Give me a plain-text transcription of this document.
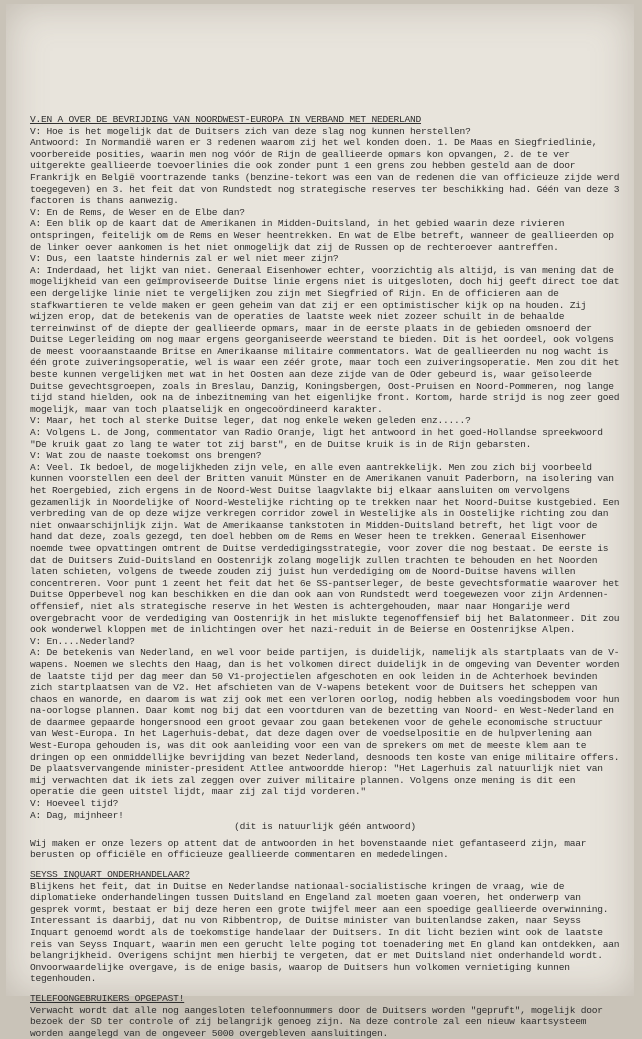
V.EN A OVER DE BEVRIJDING VAN NOORDWEST-EUROPA IN VERBAND MET NEDERLAND

V: Hoe is het mogelijk dat de Duitsers zich van deze slag nog kunnen herstellen?

Antwoord: In Normandië waren er 3 redenen waarom zij het wel konden doen. 1. De Maas en Siegfriedlinie, voorbereide posities, waarin men nog vóór de Rijn de geallieerde opmars kon opvangen, 2. de te ver uitgerekte geallieerde toevoerlinies die ook zonder punt 1 een grens zou hebben gesteld aan de door Frankrijk en België voortrazende tanks (benzine-tekort was een van de redenen die van officieuze zijde werd toegegeven) en 3. het feit dat von Rundstedt nog strategische reserves ter beschikking had. Géén van deze 3 factoren is thans aanwezig.

V: En de Rems, de Weser en de Elbe dan?

A: Een blik op de kaart dat de Amerikanen in Midden-Duitsland, in het gebied waarin deze rivieren ontspringen, feitelijk om de Rems en Weser heentrekken. En wat de Elbe betreft, wanneer de geallieerden op de linker oever aankomen is het niet onmogelijk dat zij de Russen op de rechteroever aantreffen.

V: Dus, een laatste hindernis zal er wel niet meer zijn?

A: Inderdaad, het lijkt van niet. Generaal Eisenhower echter, voorzichtig als altijd, is van mening dat de mogelijkheid van een geïmproviseerde Duitse linie ergens niet is uitgesloten, doch hij geeft direct toe dat een dergelijke linie niet te vergelijken zou zijn met Siegfried of Rijn. En de officieren aan de stafkwartieren te velde maken er geen geheim van dat zij er een optimistischer kijk op na houden. Zij wijzen erop, dat de betekenis van de operaties de laatste week niet zozeer schuilt in de behaalde terreinwinst of de diepte der geallieerde opmars, maar in de eerste plaats in de gebieden omsnoerd der Duitse Legerleiding om nog maar ergens georganiseerde weerstand te bieden. Dit is het oordeel, ook volgens de meest vooraanstaande Britse en Amerikaanse militaire commentators. Wat de geallieerden nu nog wacht is één grote zuiveringsoperatie, wel is waar een zéér grote, maar toch een zuiveringsoperatie. Men zou dit het beste kunnen vergelijken met wat in het Oosten aan deze zijde van de Oder gebeurd is, waar geïsoleerde Duitse gevechtsgroepen, zoals in Breslau, Danzig, Koningsbergen, Oost-Pruisen en Noord-Pommeren, nog lange tijd stand hielden, ook na de inbezitneming van het eigenlijke front. Kortom, harde strijd is nog zeer goed mogelijk, maar van toch plaatselijk en ongecoördineerd karakter.

V: Maar, het toch al sterke Duitse leger, dat nog enkele weken geleden enz.....?

A: Volgens L. de Jong, commentator van Radio Oranje, ligt het antwoord in het goed-Hollandse spreekwoord "De kruik gaat zo lang te water tot zij barst", en de Duitse kruik is in de Rijn gebarsten.

V: Wat zou de naaste toekomst ons brengen?

A: Veel. Ik bedoel, de mogelijkheden zijn vele, en alle even aantrekkelijk. Men zou zich bij voorbeeld kunnen voorstellen een deel der Britten vanuit Münster en de Amerikanen vanuit Paderborn, na isolering van het Roergebied, zich ergens in de Noord-West Duitse laagvlakte bij elkaar aansluiten om vervolgens gezamenlijk in Noordelijke of Noord-Westelijke richting op te trekken naar het Noord-Duitse kustgebied. Een verbreding van de op deze wijze verkregen corridor zowel in Westelijke als in Oostelijke richting zou dan niet onwaarschijnlijk zijn. Wat de Amerikaanse tankstoten in Midden-Duitsland betreft, het ligt voor de hand dat deze, zoals gezegd, ten doel hebben om de Rems en Weser heen te trekken. Generaal Eisenhower noemde twee opvattingen omtrent de Duitse verdedigingsstrategie, voor zover die nog bestaat. De eerste is dat de Duitsers Zuid-Duitsland en Oostenrijk zolang mogelijk zullen trachten te behouden en het Noorden laten schieten, volgens de tweede zouden zij juist hun verdediging om de Noord-Duitse havens willen concentreren. Voor punt 1 zeent het feit dat het 6e SS-pantserleger, de beste gevechtsformatie waarover het Duitse Opperbevel nog kan beschikken en die dan ook aan von Rundstedt werd toegewezen voor zijn Ardennen-offensief, niet als strategische reserve in het Westen is achtergehouden, maar naar Hongarije werd overgebracht voor de verdediging van Oostenrijk in het mislukte tegenoffensief bij het Balatonmeer. Dit zou ook wonderwel kloppen met de inlichtingen over het nazi-reduit in de Beierse en Oostenrijkse Alpen.

V: En....Nederland?

A: De betekenis van Nederland, en wel voor beide partijen, is duidelijk, namelijk als startplaats van de V-wapens. Noemen we slechts den Haag, dan is het volkomen direct duidelijk in de omgeving van Deventer worden de laatste tijd per dag meer dan 50 V1-projectielen afgeschoten en ook leiden in de Achterhoek bevinden zich startplaatsen van de V2. Het afschieten van de V-wapens betekent voor de Duitsers het scheppen van chaos en wanorde, en daarom is wat zij ook met een verloren oorlog, nodig hebben als voedingsbodem voor hun na-oorlogse plannen. Daar komt nog bij dat een voortduren van de bezetting van Noord- en West-Nederland en de daarmee gepaarde hongersnood een groot gevaar zou gaan betekenen voor de gehele economische structuur van West-Europa. In het Lagerhuis-debat, dat deze dagen over de voedselpositie en de hulpverlening aan West-Europa gehouden is, was dit ook aanleiding voor een van de sprekers om met de meeste klem aan te dringen op een onmiddellijke bevrijding van bezet Nederland, desnoods ten koste van enige militaire offers. De plaatsvervangende minister-president Attlee antwoordde hierop: "Het Lagerhuis zal natuurlijk niet van mij verwachten dat ik iets zal zeggen over zuiver militaire plannen. Volgens onze mening is dit een operatie die geen uitstel lijdt, maar zij zal tijd vorderen."

V: Hoeveel tijd?

A: Dag, mijnheer!

(dit is natuurlijk géén antwoord)

Wij maken er onze lezers op attent dat de antwoorden in het bovenstaande niet gefantaseerd zijn, maar berusten op officiële en officieuze geallieerde commentaren en mededelingen.

SEYSS INQUART ONDERHANDELAAR?

Blijkens het feit, dat in Duitse en Nederlandse nationaal-socialistische kringen de vraag, wie de diplomatieke onderhandelingen tussen Duitsland en Engeland zal moeten gaan voeren, het onderwerp van gesprek vormt, bestaat er bij deze heren een grote twijfel meer aan een spoedige geallieerde overwinning. Interessant is daarbij, dat nu von Ribbentrop, de Duitse minister van buitenlandse zaken, naar Seyss Inquart genoemd wordt als de toekomstige handelaar der Duitsers. In dit licht bezien wint ook de laatste reis van Seyss Inquart, waarin men een gerucht lelte poging tot toenadering met En gland kan ontdekken, aan belangrijkheid. Overigens schijnt men hierbij te vergeten, dat er met Duitsland niet onderhandeld wordt. Onvoorwaardelijke overgave, is de enige basis, waarop de Duitsers hun volkomen vernietiging kunnen tegenhouden.

TELEFOONGEBRUIKERS OPGEPAST!

Verwacht wordt dat alle nog aangesloten telefoonnummers door de Duitsers worden "gepruft", mogelijk door bezoek der SD ter controle of zij belangrijk genoeg zijn. Na deze controle zal een nieuw kaartsysteem worden aangelegd van de ongeveer 5000 overgebleven aansluitingen.
